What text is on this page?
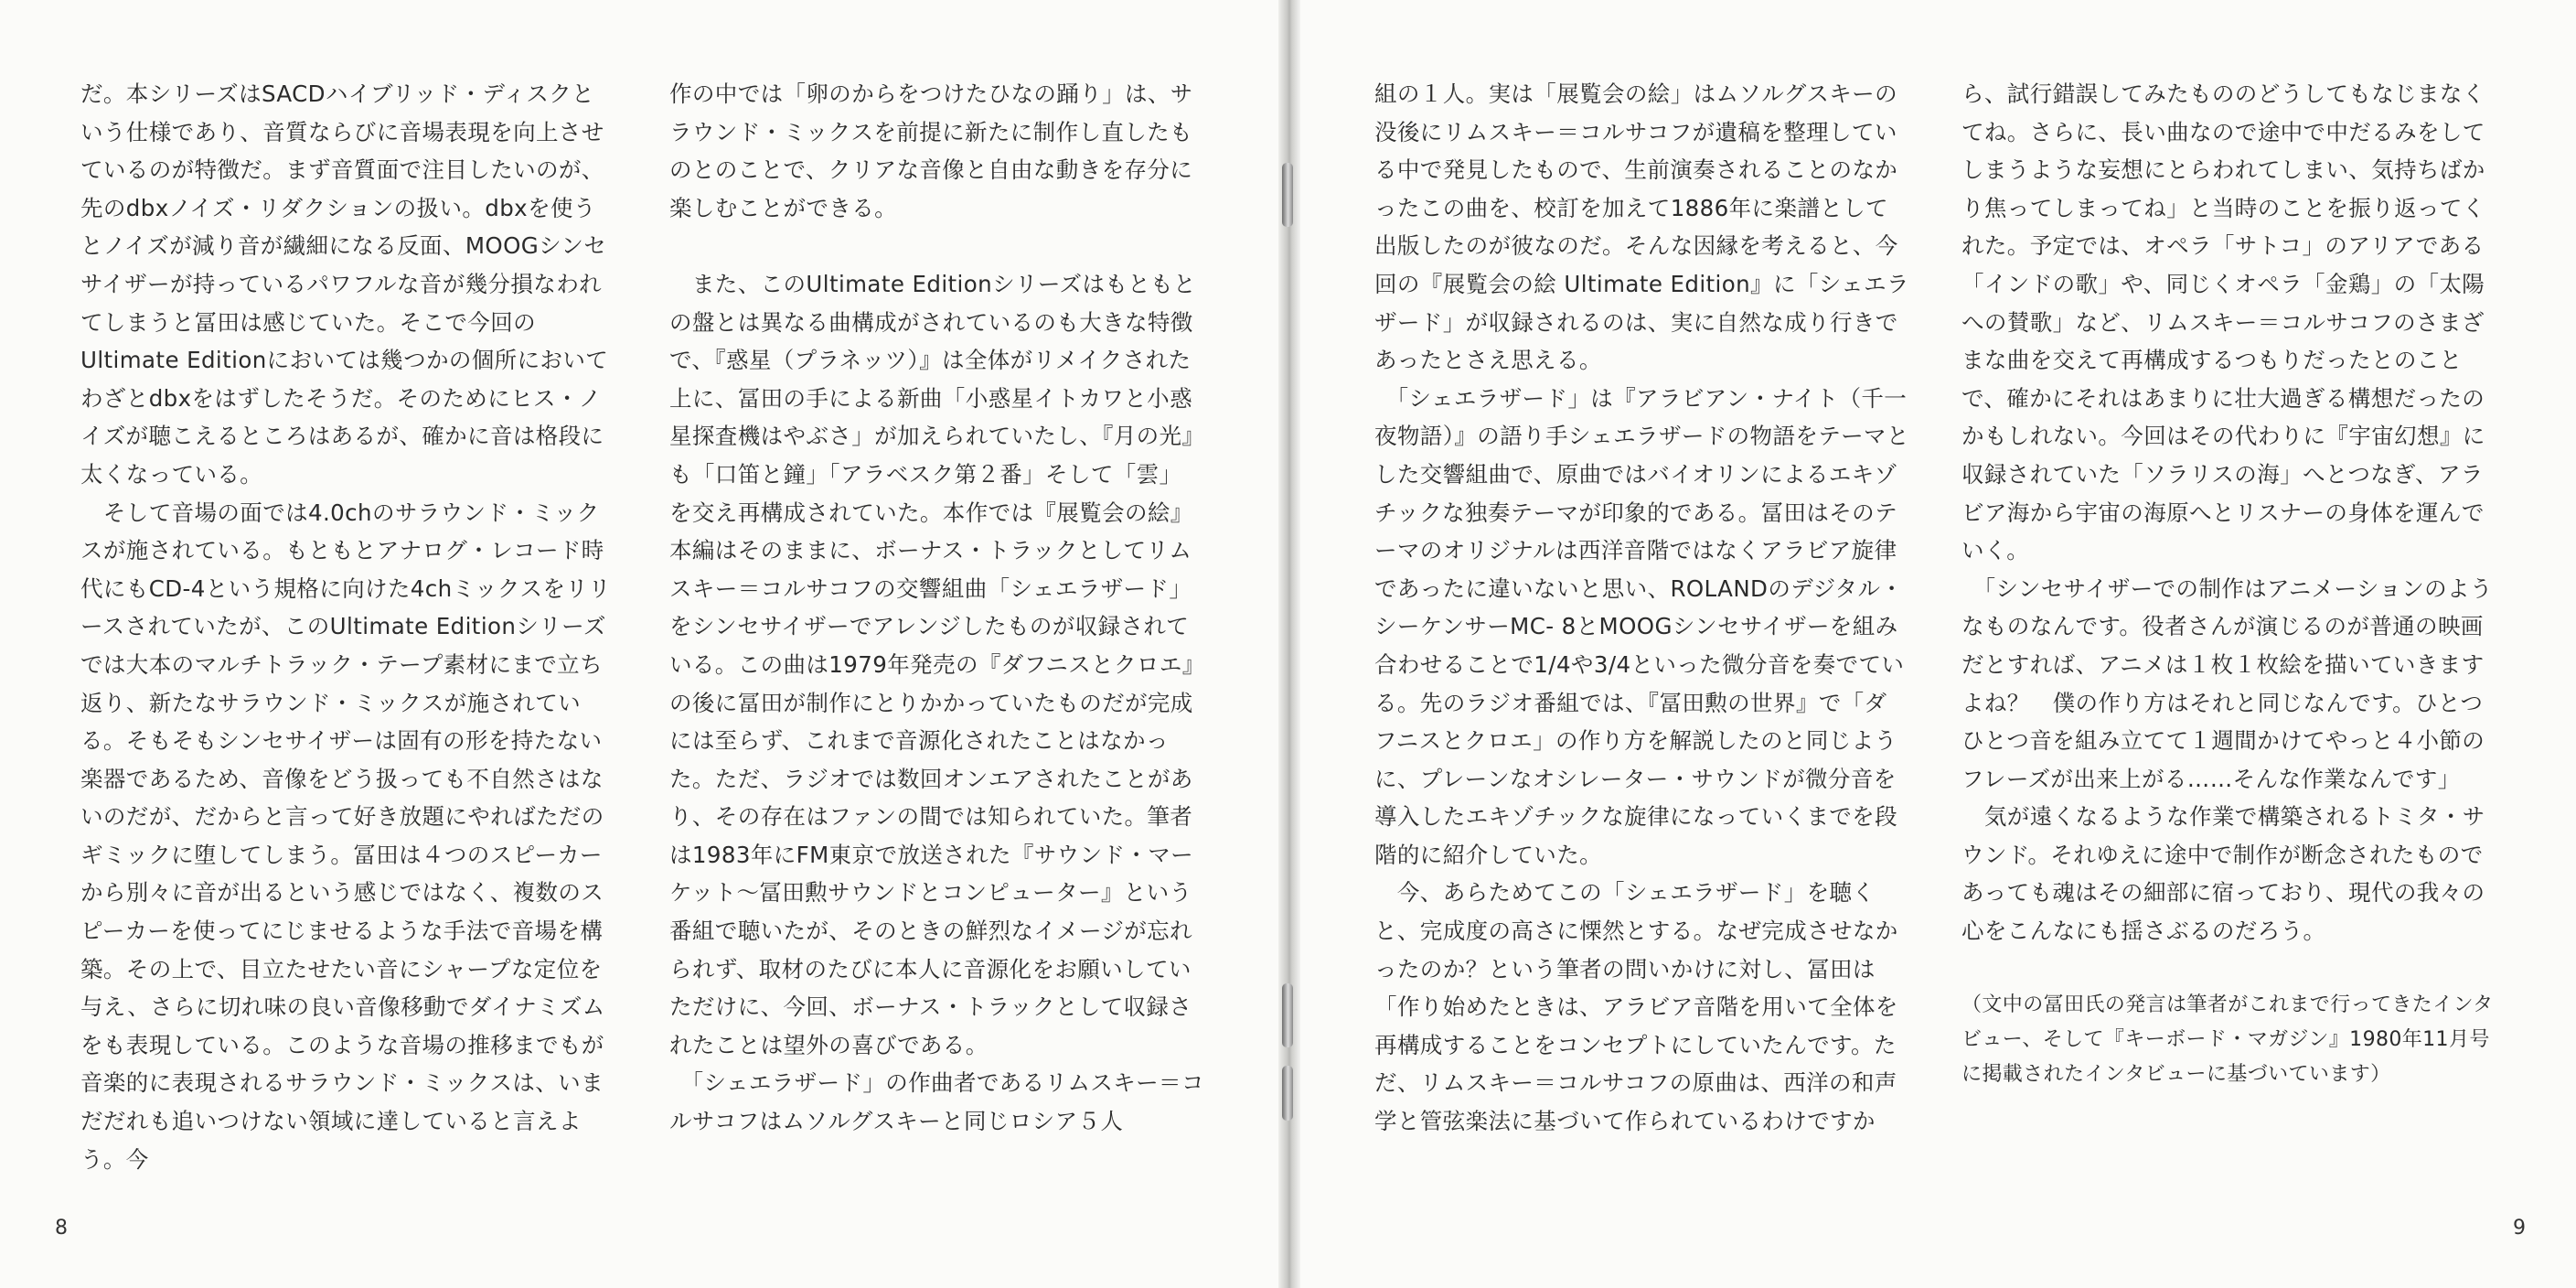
だ。本シリーズはSACDハイブリッド・ディスクという仕様であり、音質ならびに音場表現を向上させているのが特徴だ。まず音質面で注目したいのが、先のdbxノイズ・リダクションの扱い。dbxを使うとノイズが減り音が繊細になる反面、MOOGシンセサイザーが持っているパワフルな音が幾分損なわれてしまうと冨田は感じていた。そこで今回のUltimate Editionにおいては幾つかの個所においてわざとdbxをはずしたそうだ。そのためにヒス・ノイズが聴こえるところはあるが、確かに音は格段に太くなっている。

　そして音場の面では4.0chのサラウンド・ミックスが施されている。もともとアナログ・レコード時代にもCD-4という規格に向けた4chミックスをリリースされていたが、このUltimate Editionシリーズでは大本のマルチトラック・テープ素材にまで立ち返り、新たなサラウンド・ミックスが施されている。そもそもシンセサイザーは固有の形を持たない楽器であるため、音像をどう扱っても不自然さはないのだが、だからと言って好き放題にやればただのギミックに堕してしまう。冨田は４つのスピーカーから別々に音が出るという感じではなく、複数のスピーカーを使ってにじませるような手法で音場を構築。その上で、目立たせたい音にシャープな定位を与え、さらに切れ味の良い音像移動でダイナミズムをも表現している。このような音場の推移までもが音楽的に表現されるサラウンド・ミックスは、いまだだれも追いつけない領域に達していると言えよう。今

作の中では「卵のからをつけたひなの踊り」は、サラウンド・ミックスを前提に新たに制作し直したものとのことで、クリアな音像と自由な動きを存分に楽しむことができる。

　また、このUltimate Editionシリーズはもともとの盤とは異なる曲構成がされているのも大きな特徴で、『惑星（プラネッツ）』は全体がリメイクされた上に、冨田の手による新曲「小惑星イトカワと小惑星探査機はやぶさ」が加えられていたし、『月の光』も「口笛と鐘」「アラベスク第２番」そして「雲」を交え再構成されていた。本作では『展覧会の絵』本編はそのままに、ボーナス・トラックとしてリムスキー＝コルサコフの交響組曲「シェエラザード」をシンセサイザーでアレンジしたものが収録されている。この曲は1979年発売の『ダフニスとクロエ』の後に冨田が制作にとりかかっていたものだが完成には至らず、これまで音源化されたことはなかった。ただ、ラジオでは数回オンエアされたことがあり、その存在はファンの間では知られていた。筆者は1983年にFM東京で放送された『サウンド・マーケット〜冨田勲サウンドとコンピューター』という番組で聴いたが、そのときの鮮烈なイメージが忘れられず、取材のたびに本人に音源化をお願いしていただけに、今回、ボーナス・トラックとして収録されたことは望外の喜びである。

　「シェエラザード」の作曲者であるリムスキー＝コルサコフはムソルグスキーと同じロシア５人

8

組の１人。実は「展覧会の絵」はムソルグスキーの没後にリムスキー＝コルサコフが遺稿を整理している中で発見したもので、生前演奏されることのなかったこの曲を、校訂を加えて1886年に楽譜として出版したのが彼なのだ。そんな因縁を考えると、今回の『展覧会の絵 Ultimate Edition』に「シェエラザード」が収録されるのは、実に自然な成り行きであったとさえ思える。

　「シェエラザード」は『アラビアン・ナイト（千一夜物語）』の語り手シェエラザードの物語をテーマとした交響組曲で、原曲ではバイオリンによるエキゾチックな独奏テーマが印象的である。冨田はそのテーマのオリジナルは西洋音階ではなくアラビア旋律であったに違いないと思い、ROLANDのデジタル・シーケンサーMC- 8とMOOGシンセサイザーを組み合わせることで1/4や3/4といった微分音を奏でている。先のラジオ番組では、『冨田勲の世界』で「ダフニスとクロエ」の作り方を解説したのと同じように、プレーンなオシレーター・サウンドが微分音を導入したエキゾチックな旋律になっていくまでを段階的に紹介していた。

　今、あらためてこの「シェエラザード」を聴くと、完成度の高さに慄然とする。なぜ完成させなかったのか？という筆者の問いかけに対し、冨田は「作り始めたときは、アラビア音階を用いて全体を再構成することをコンセプトにしていたんです。ただ、リムスキー＝コルサコフの原曲は、西洋の和声学と管弦楽法に基づいて作られているわけですか

ら、試行錯誤してみたもののどうしてもなじまなくてね。さらに、長い曲なので途中で中だるみをしてしまうような妄想にとらわれてしまい、気持ちばかり焦ってしまってね」と当時のことを振り返ってくれた。予定では、オペラ「サトコ」のアリアである「インドの歌」や、同じくオペラ「金鶏」の「太陽への賛歌」など、リムスキー＝コルサコフのさまざまな曲を交えて再構成するつもりだったとのことで、確かにそれはあまりに壮大過ぎる構想だったのかもしれない。今回はその代わりに『宇宙幻想』に収録されていた「ソラリスの海」へとつなぎ、アラビア海から宇宙の海原へとリスナーの身体を運んでいく。

　「シンセサイザーでの制作はアニメーションのようなものなんです。役者さんが演じるのが普通の映画だとすれば、アニメは１枚１枚絵を描いていきますよね？　僕の作り方はそれと同じなんです。ひとつひとつ音を組み立てて１週間かけてやっと４小節のフレーズが出来上がる……そんな作業なんです」

　気が遠くなるような作業で構築されるトミタ・サウンド。それゆえに途中で制作が断念されたものであっても魂はその細部に宿っており、現代の我々の心をこんなにも揺さぶるのだろう。

（文中の冨田氏の発言は筆者がこれまで行ってきたインタビュー、そして『キーボード・マガジン』1980年11月号に掲載されたインタビューに基づいています）

9
